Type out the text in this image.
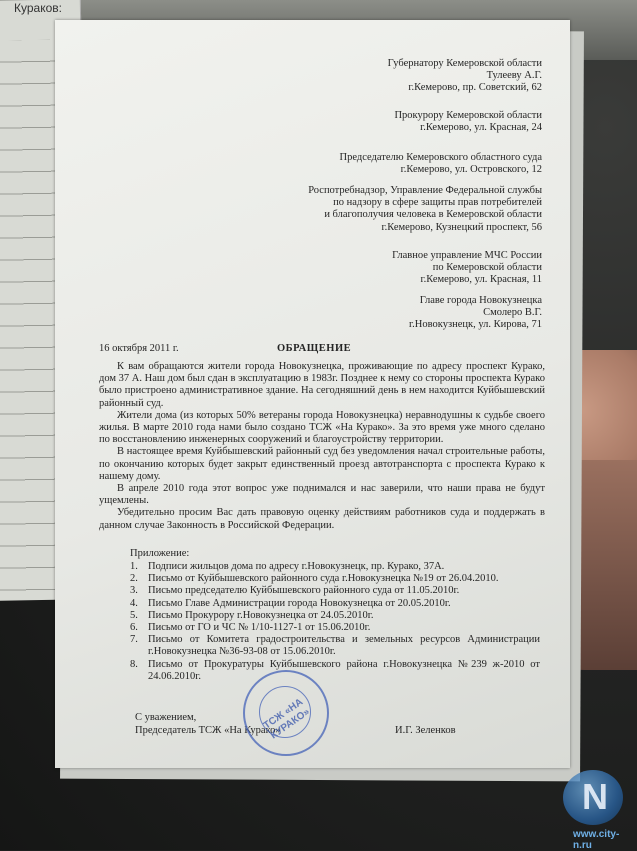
Кураков:
Губернатору Кемеровской области
Тулееву А.Г.
г.Кемерово, пр. Советский, 62
Прокурору Кемеровской области
г.Кемерово, ул. Красная, 24
Председателю Кемеровского областного суда
г.Кемерово, ул. Островского, 12
Роспотребнадзор, Управление Федеральной службы
по надзору в сфере защиты прав потребителей
и благополучия человека в Кемеровской области
г.Кемерово, Кузнецкий проспект, 56
Главное управление МЧС России
по Кемеровской области
г.Кемерово, ул. Красная, 11
Главе города Новокузнецка
Смолеро В.Г.
г.Новокузнецк, ул. Кирова, 71
16 октября 2011 г.	ОБРАЩЕНИЕ

К вам обращаются жители города Новокузнецка, проживающие по адресу проспект Курако, дом 37 А. Наш дом был сдан в эксплуатацию в 1983г. Позднее к нему со стороны проспекта Курако было пристроено административное здание. На сегодняшний день в нем находится Куйбышевский районный суд.

Жители дома (из которых 50% ветераны города Новокузнецка) неравнодушны к судьбе своего жилья. В марте 2010 года нами было создано ТСЖ «На Курако». За это время уже много сделано по восстановлению инженерных сооружений и благоустройству территории.

В настоящее время Куйбышевский районный суд без уведомления начал строительные работы, по окончанию которых будет закрыт единственный проезд автотранспорта с проспекта Курако к нашему дому.

В апреле 2010 года этот вопрос уже поднимался и нас заверили, что наши права не будут ущемлены.

Убедительно просим Вас дать правовую оценку действиям работников суда и поддержать в данном случае Законность в Российской Федерации.

Приложение:
1. Подписи жильцов дома по адресу г.Новокузнецк, пр. Курако, 37А.
2. Письмо от Куйбышевского районного суда г.Новокузнецка №19 от 26.04.2010.
3. Письмо председателю Куйбышевского районного суда от 11.05.2010г.
4. Письмо Главе Администрации города Новокузнецка от 20.05.2010г.
5. Письмо Прокурору г.Новокузнецка от 24.05.2010г.
6. Письмо от ГО и ЧС № 1/10-1127-1 от 15.06.2010г.
7. Письмо от Комитета градостроительства и земельных ресурсов Администрации г.Новокузнецка №36-93-08 от 15.06.2010г.
8. Письмо от Прокуратуры Куйбышевского района г.Новокузнецка №239 ж-2010 от 24.06.2010г.
С уважением,
Председатель ТСЖ «На Курако»	И.Г. Зеленков
ТСЖ «НА КУРАКО»
N
www.city-n.ru
